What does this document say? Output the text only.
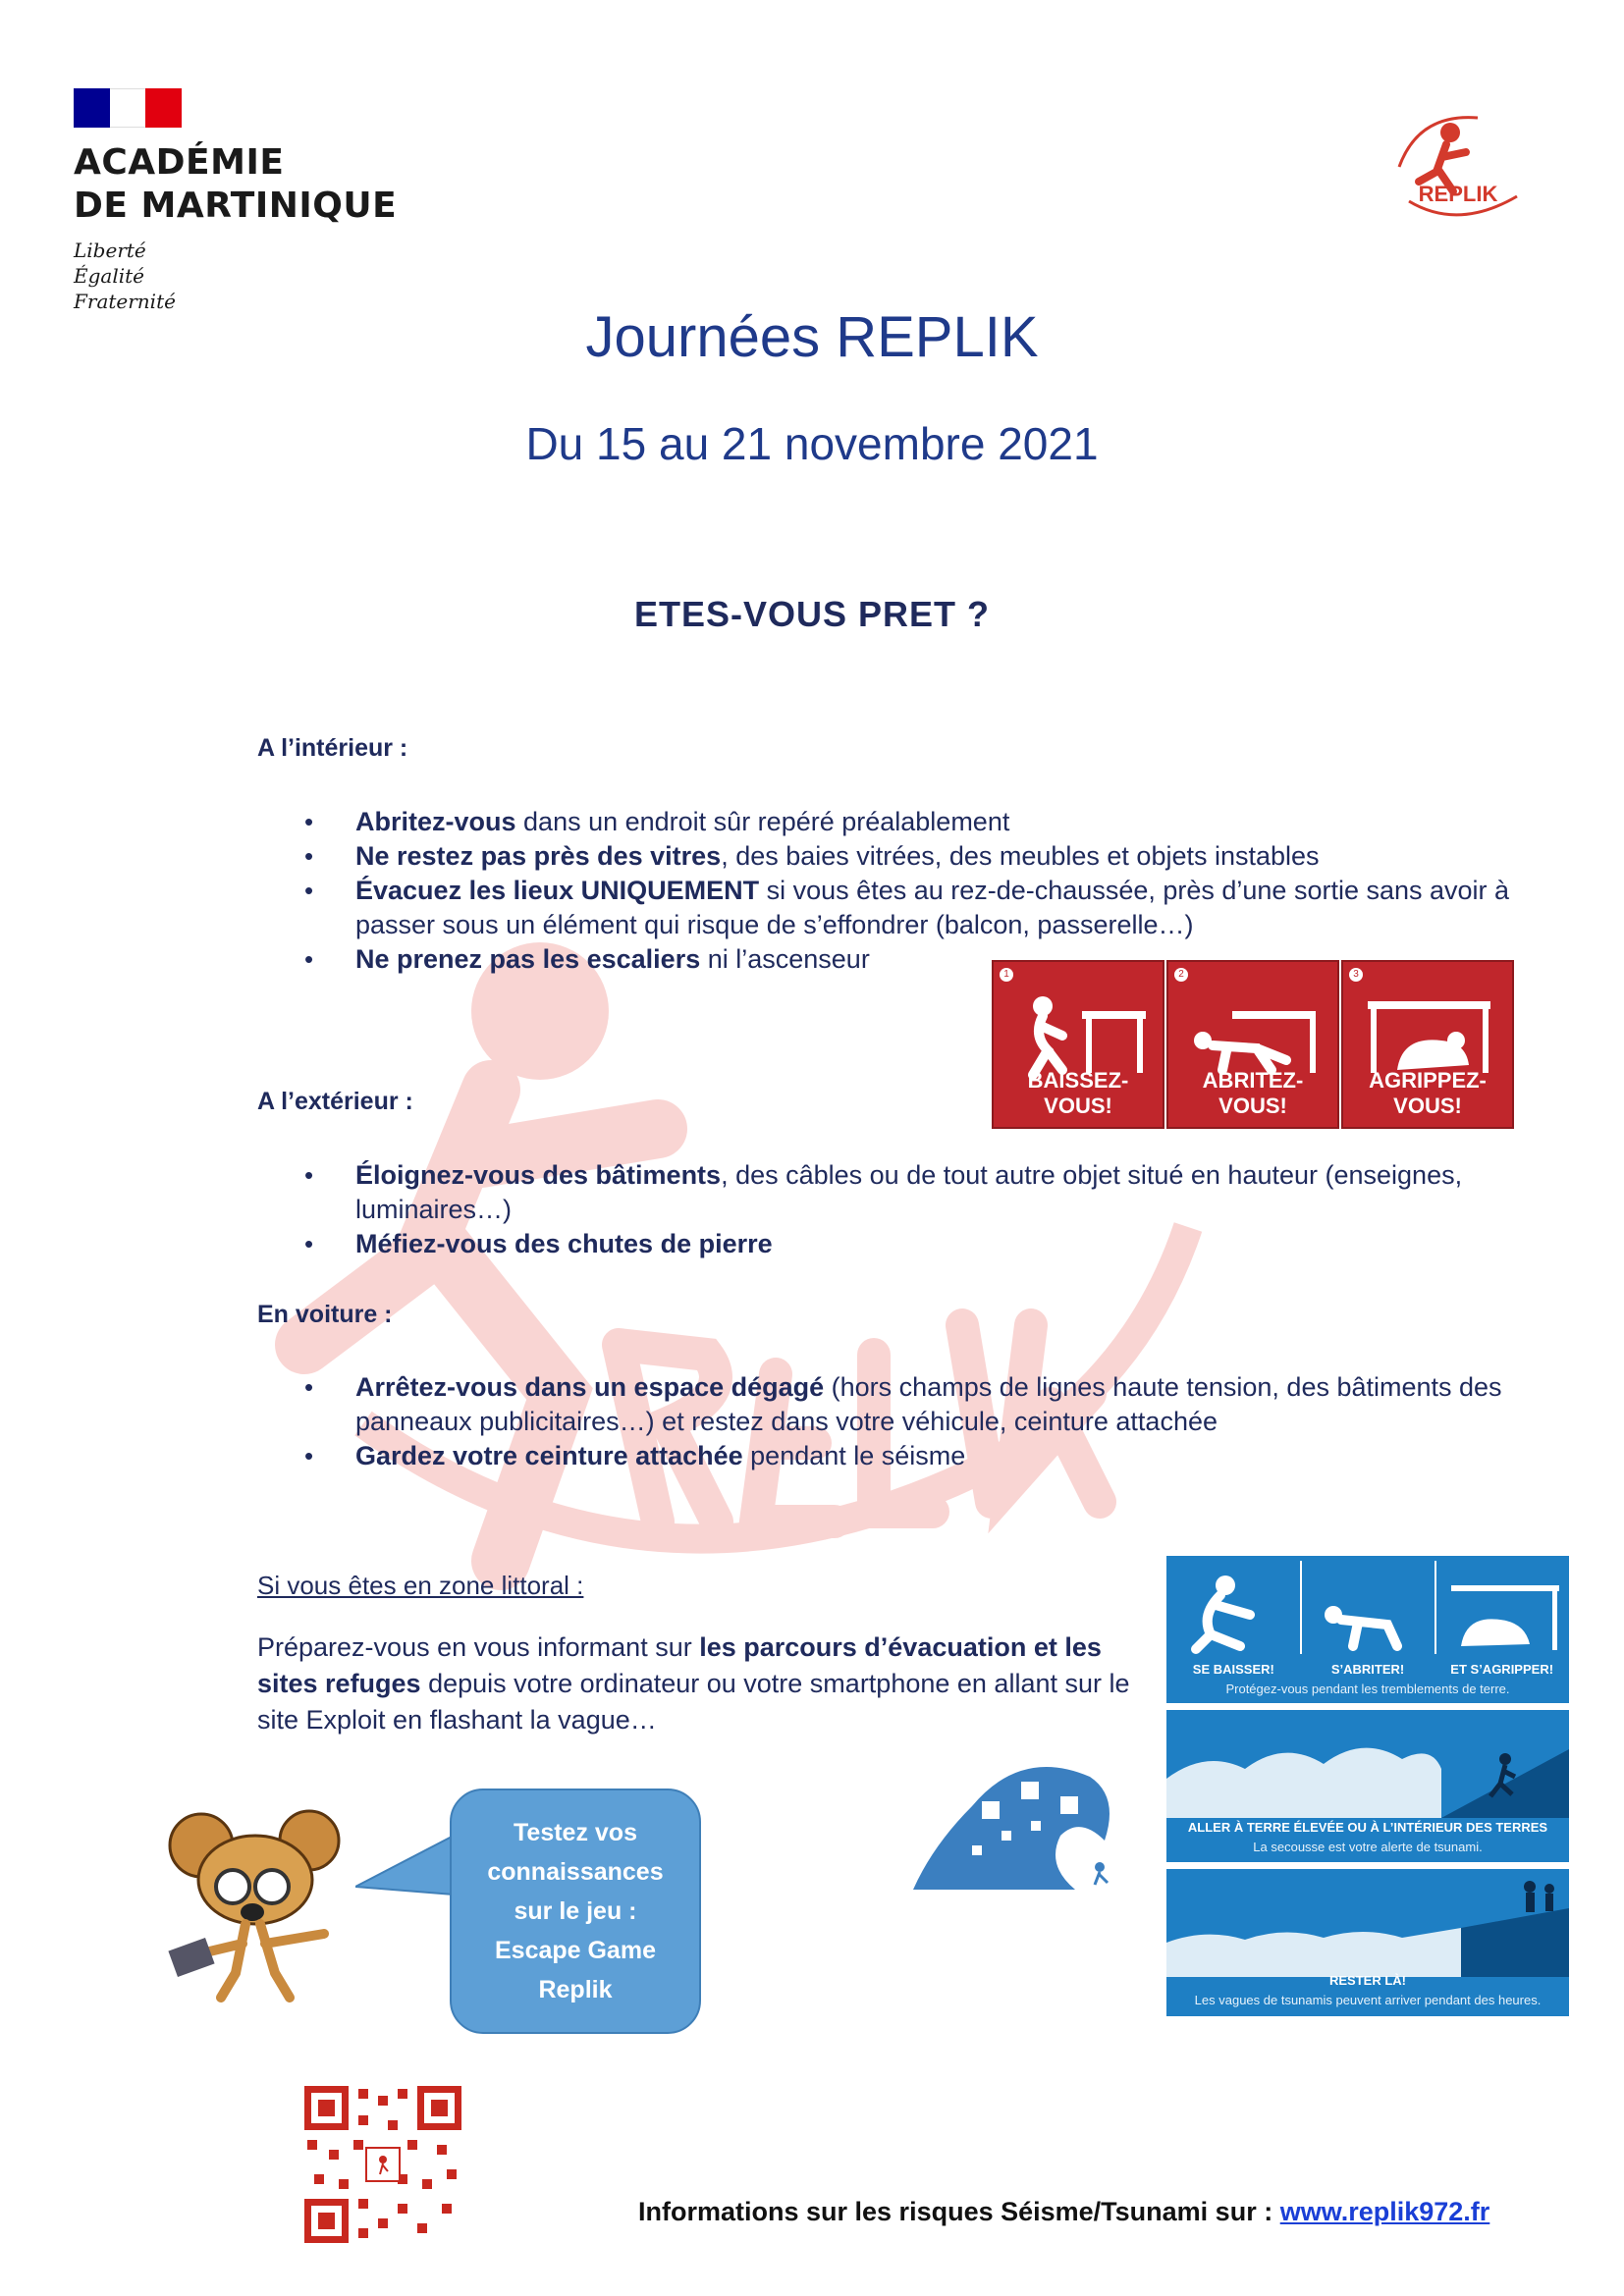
ACADÉMIE
DE MARTINIQUE
Liberté
Égalité
Fraternité
REPLIK
Journées REPLIK
Du 15 au 21 novembre 2021
ETES-VOUS PRET ?
A l’intérieur :
• Abritez-vous dans un endroit sûr repéré préalablement
• Ne restez pas près des vitres, des baies vitrées, des meubles et objets instables
• Évacuez les lieux UNIQUEMENT si vous êtes au rez-de-chaussée, près d’une sortie sans avoir à passer sous un élément qui risque de s’effondrer (balcon, passerelle…)
• Ne prenez pas les escaliers ni l’ascenseur
1
BAISSEZ-VOUS!
2
ABRITEZ-VOUS!
3
AGRIPPEZ-VOUS!
A l’extérieur :
• Éloignez-vous des bâtiments, des câbles ou de tout autre objet situé en hauteur (enseignes, luminaires…)
• Méfiez-vous des chutes de pierre
En voiture :
• Arrêtez-vous dans un espace dégagé (hors champs de lignes haute tension, des bâtiments des panneaux publicitaires…) et restez dans votre véhicule, ceinture attachée
• Gardez votre ceinture attachée pendant le séisme
Si vous êtes en zone littoral :
Préparez-vous en vous informant sur les parcours d’évacuation et les sites refuges depuis votre ordinateur ou votre smartphone en allant sur le site Exploit en flashant la vague…
SE BAISSER!	S’ABRITER!	ET S’AGRIPPER!
Protégez-vous pendant les tremblements de terre.
ALLER À TERRE ÉLEVÉE OU À L’INTÉRIEUR DES TERRES
La secousse est votre alerte de tsunami.
RESTER LÀ!
Les vagues de tsunamis peuvent arriver pendant des heures.
Testez vos
connaissances
sur le jeu :
Escape Game
Replik
Informations sur les risques Séisme/Tsunami sur : www.replik972.fr
